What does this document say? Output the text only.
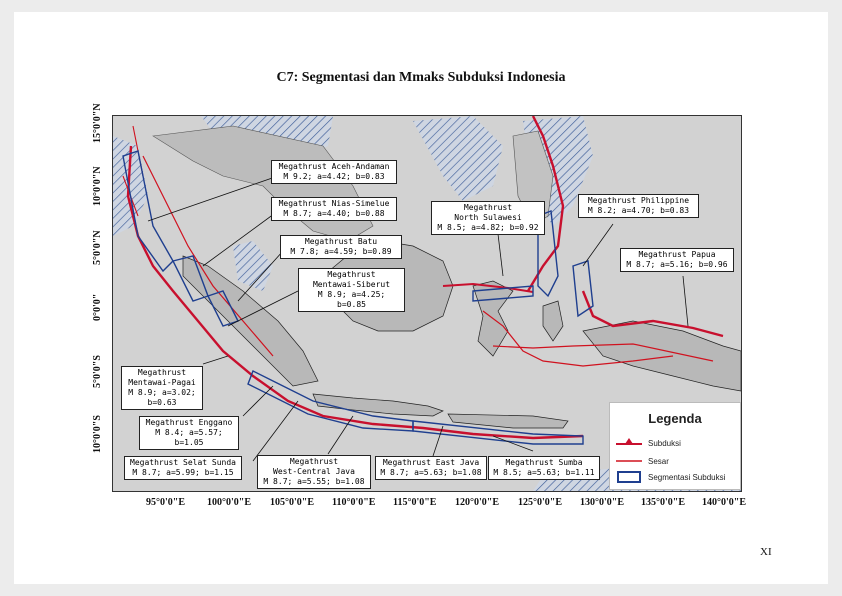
C7: Segmentasi dan Mmaks Subduksi Indonesia
15°0'0"N
10°0'0"N
5°0'0"N
0°0'0"
5°0'0"S
10°0'0"S
Megathrust Aceh-Andaman
M 9.2; a=4.42; b=0.83
Megathrust Nias-Simelue
M 8.7; a=4.40; b=0.88
Megathrust Batu
M 7.8; a=4.59; b=0.89
Megathrust
Mentawai-Siberut
M 8.9; a=4.25; b=0.85
Megathrust
North Sulawesi
M 8.5; a=4.82; b=0.92
Megathrust Philippine
M 8.2; a=4.70; b=0.83
Megathrust Papua
M 8.7; a=5.16; b=0.96
Megathrust
Mentawai-Pagai
M 8.9; a=3.02;
b=0.63
Megathrust Enggano
M 8.4; a=5.57;
b=1.05
Megathrust Selat Sunda
M 8.7; a=5.99; b=1.15
Megathrust
West-Central Java
M 8.7; a=5.55; b=1.08
Megathrust East Java
M 8.7; a=5.63; b=1.08
Megathrust Sumba
M 8.5; a=5.63; b=1.11
Legenda
Subduksi
Sesar
Segmentasi Subduksi
95°0'0"E 100°0'0"E 105°0'0"E 110°0'0"E 115°0'0"E 120°0'0"E 125°0'0"E 130°0'0"E 135°0'0"E 140°0'0"E
XI
